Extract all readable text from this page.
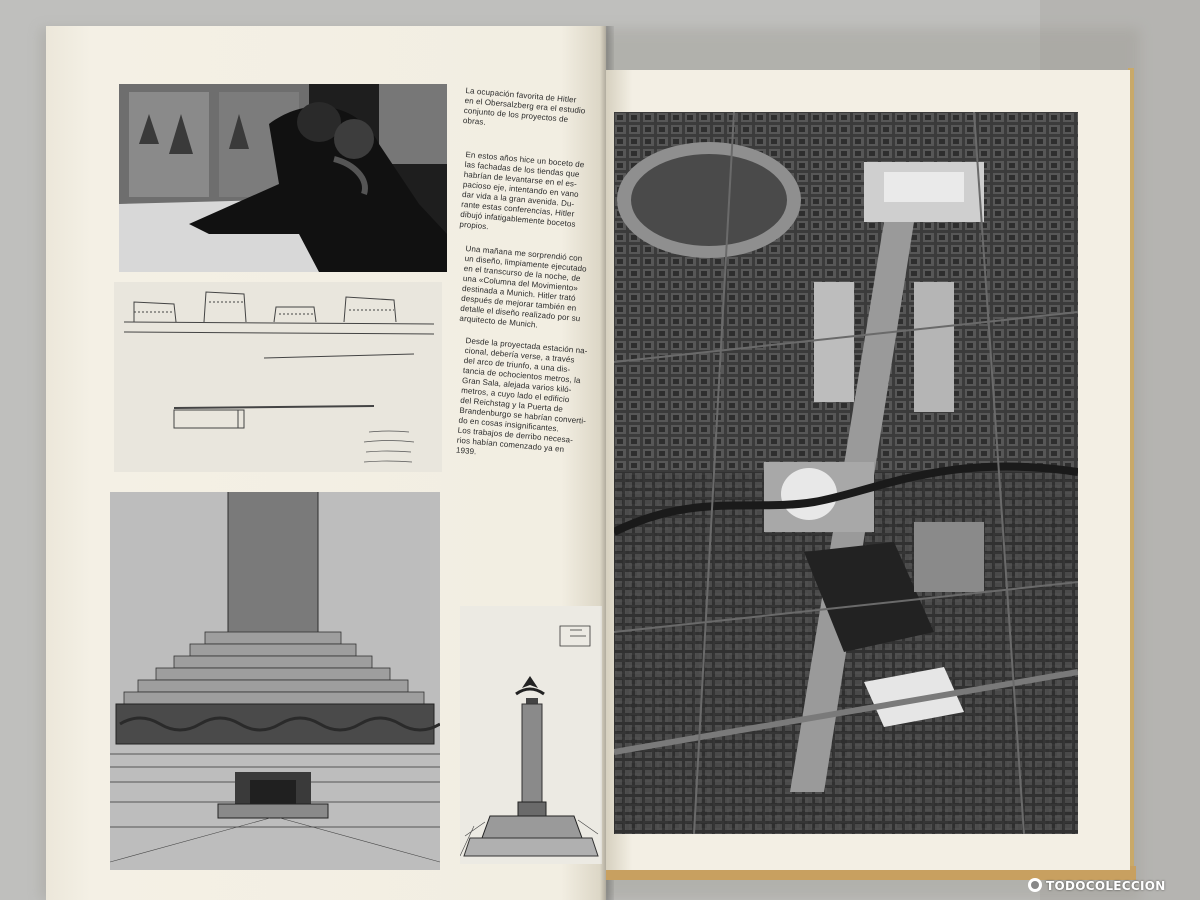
La ocupación favorita de Hitler
en el Obersalzberg era el estudio
conjunto de los proyectos de
obras.
En estos años hice un boceto de
las fachadas de los tiendas que
habrían de levantarse en el es-
pacioso eje, intentando en vano
dar vida a la gran avenida. Du-
rante estas conferencias, Hitler
dibujó infatigablemente bocetos
propios.
Una mañana me sorprendió con
un diseño, limpiamente ejecutado
en el transcurso de la noche, de
una «Columna del Movimiento»
destinada a Munich. Hitler trató
después de mejorar también en
detalle el diseño realizado por su
arquitecto de Munich.
Desde la proyectada estación na-
cional, debería verse, a través
del arco de triunfo, a una dis-
tancia de ochocientos metros, la
Gran Sala, alejada varios kiló-
metros, a cuyo lado el edificio
del Reichstag y la Puerta de
Brandenburgo se habrían converti-
do en cosas insignificantes.
Los trabajos de derribo necesa-
rios habían comenzado ya en
1939.
TODOCOLECCION
